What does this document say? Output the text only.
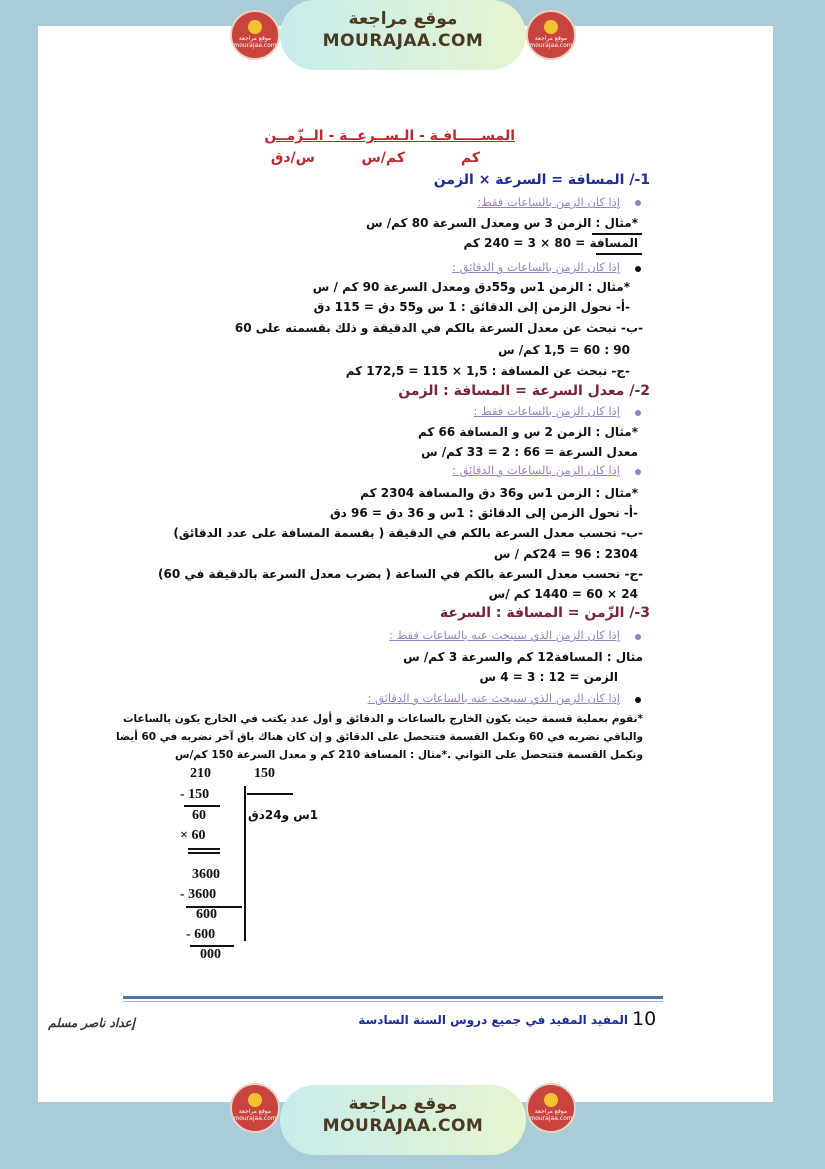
موقع مراجعة
MOURAJAA.COM
موقع مراجعة
mourajaa.com
موقع مراجعة
mourajaa.com
المســـــافـة - الـســرعــة - الــزّمــن
كم
كم/س
س/دق
1-/ المسافة = السرعة × الزمن
إذا كان الزمن بالساعات فقط:
*مثال : الزمن 3 س ومعدل السرعة 80 كم/ س
المسافة = 80 × 3 = 240 كم
إذا كان الزمن بالساعات و الدقائق :
*مثال : الزمن 1س و55دق ومعدل السرعة 90 كم / س
-أ- نحول الزمن إلى الدقائق : 1 س و55 دق = 115 دق
-ب- نبحث عن معدل السرعة بالكم في الدقيقة و ذلك بقسمته على 60
90 : 60 = 1,5 كم/ س
-ج- نبحث عن المسافة : 1,5 × 115 = 172,5 كم
2-/ معدل السرعة = المسافة : الزمن
إذا كان الزمن بالساعات فقط :
*مثال : الزمن 2 س و المسافة 66 كم
معدل السرعة = 66 : 2 = 33 كم/ س
إذا كان الزمن بالساعات و الدقائق :
*مثال : الزمن 1س و36 دق والمسافة 2304 كم
-أ- نحول الزمن إلى الدقائق : 1س و 36 دق = 96 دق
-ب- نحسب معدل السرعة بالكم في الدقيقة ( بقسمة المسافة على عدد الدقائق)
2304 : 96 = 24كم / س
-ج- نحسب معدل السرعة بالكم في الساعة ( بضرب معدل السرعة بالدقيقة في 60)
24 × 60 = 1440 كم /س
3-/ الزّمن = المسافة : السرعة
إذا كان الزمن الذي سنبحث عنه بالساعات فقط :
مثال : المسافة12 كم والسرعة 3 كم/ س
الزمن = 12 : 3 = 4 س
إذا كان الزمن الذي سنبحث عنه بالساعات و الدقائق :
*نقوم بعملية قسمة حيث يكون الخارج بالساعات و الدقائق و أول عدد يكتب في الخارج يكون بالساعات
والباقي نضربه في 60 ونكمل القسمة فتتحصل على الدقائق و إن كان هناك باق آخر نضربه في 60 أيضا
ونكمل القسمة فتتحصل على الثواني .*مثال : المسافة 210 كم و معدل السرعة 150 كم/س
210	150
- 150
60	1س و24دق
× 60
3600
- 3600
600
- 600
000
10
المفيد المفيد في جميع دروس السنة السادسة
إعداد ناصر مسلم
موقع مراجعة
MOURAJAA.COM
موقع مراجعة
mourajaa.com
موقع مراجعة
mourajaa.com
